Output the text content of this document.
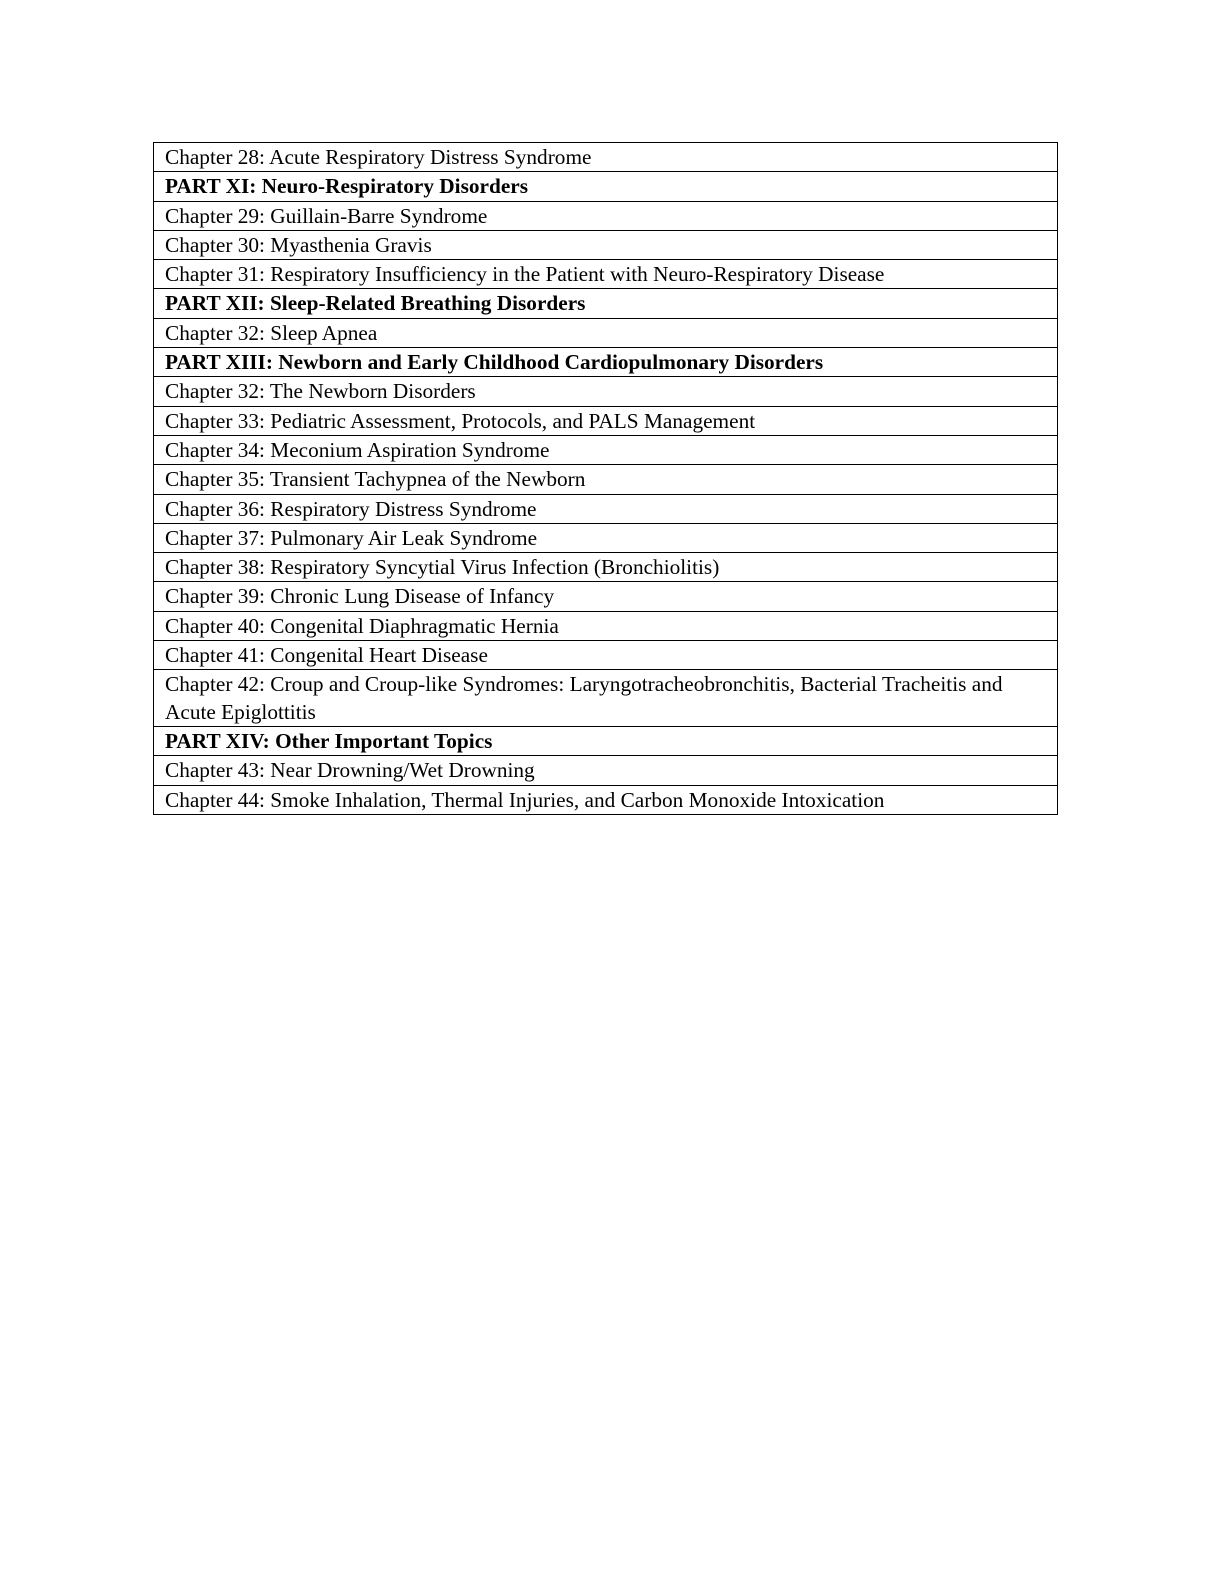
Chapter 28: Acute Respiratory Distress Syndrome
PART XI: Neuro-Respiratory Disorders
Chapter 29: Guillain-Barre Syndrome
Chapter 30: Myasthenia Gravis
Chapter 31: Respiratory Insufficiency in the Patient with Neuro-Respiratory Disease
PART XII: Sleep-Related Breathing Disorders
Chapter 32: Sleep Apnea
PART XIII: Newborn and Early Childhood Cardiopulmonary Disorders
Chapter 32: The Newborn Disorders
Chapter 33: Pediatric Assessment, Protocols, and PALS Management
Chapter 34: Meconium Aspiration Syndrome
Chapter 35: Transient Tachypnea of the Newborn
Chapter 36: Respiratory Distress Syndrome
Chapter 37: Pulmonary Air Leak Syndrome
Chapter 38: Respiratory Syncytial Virus Infection (Bronchiolitis)
Chapter 39: Chronic Lung Disease of Infancy
Chapter 40: Congenital Diaphragmatic Hernia
Chapter 41: Congenital Heart Disease
Chapter 42: Croup and Croup-like Syndromes: Laryngotracheobronchitis, Bacterial Tracheitis and Acute Epiglottitis
PART XIV: Other Important Topics
Chapter 43: Near Drowning/Wet Drowning
Chapter 44: Smoke Inhalation, Thermal Injuries, and Carbon Monoxide Intoxication
